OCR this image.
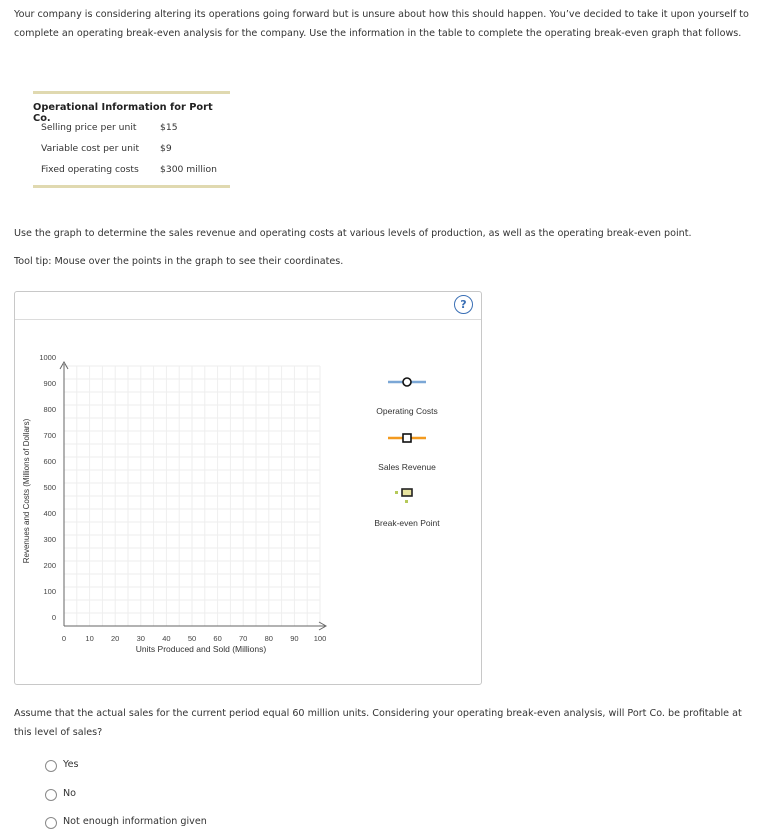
Your company is considering altering its operations going forward but is unsure about how this should happen. You’ve decided to take it upon yourself to complete an operating break-even analysis for the company. Use the information in the table to complete the operating break-even graph that follows.
Operational Information for Port Co.
Selling price per unit	$15
Variable cost per unit $9
Fixed operating costs $300 million
Use the graph to determine the sales revenue and operating costs at various levels of production, as well as the operating break-even point.
Tool tip: Mouse over the points in the graph to see their coordinates.
?
0	10 20 30 40 50 60 70 80 90 100
0
100
200
300
400
500
600
700
800
900
1000
Units Produced and Sold (Millions)
Revenues and Costs (Millions of Dollars)
Operating Costs
Sales Revenue
Break-even Point
Assume that the actual sales for the current period equal 60 million units. Considering your operating break-even analysis, will Port Co. be profitable at this level of sales?
Yes
No
Not enough information given
